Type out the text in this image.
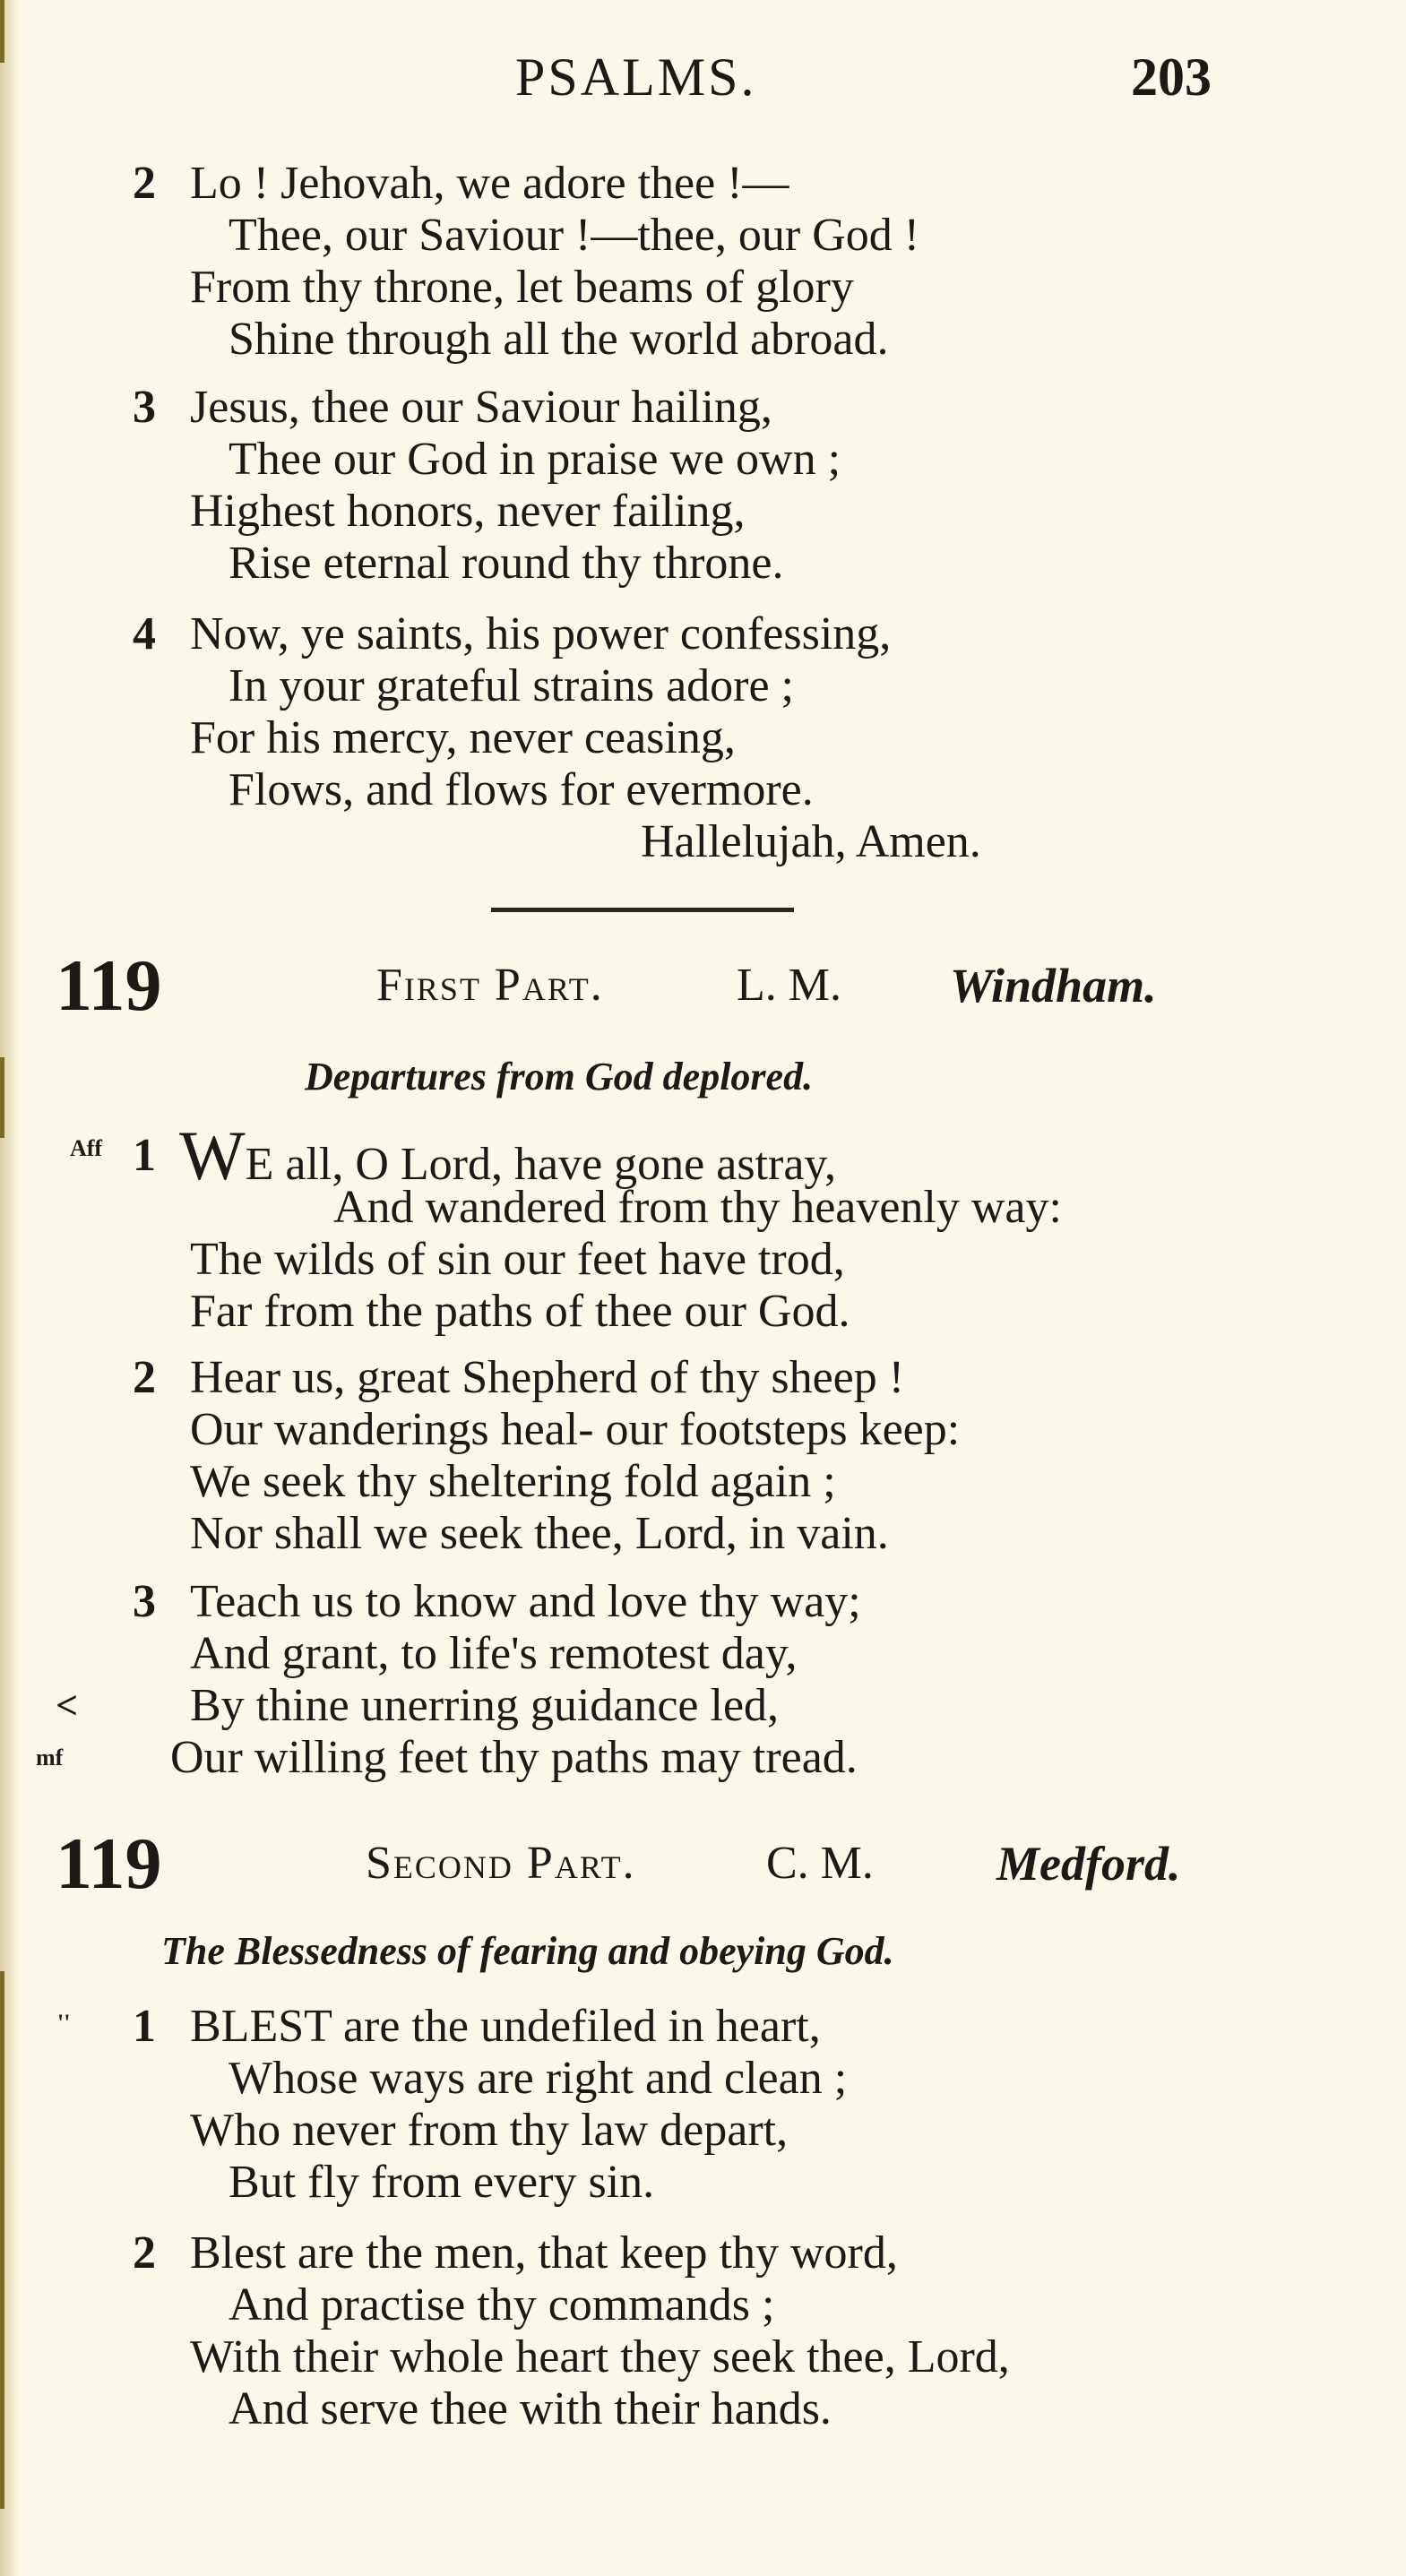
PSALMS.	203
2 Lo ! Jehovah, we adore thee !—
Thee, our Saviour !—thee, our God !
From thy throne, let beams of glory
Shine through all the world abroad.
3 Jesus, thee our Saviour hailing,
Thee our God in praise we own ;
Highest honors, never failing,
Rise eternal round thy throne.
4 Now, ye saints, his power confessing,
In your grateful strains adore ;
For his mercy, never ceasing,
Flows, and flows for evermore.
Hallelujah, Amen.
119	First Part.	L. M. Windham.
Departures from God deplored.
Aff 1 WE all, O Lord, have gone astray,
And wandered from thy heavenly way:
The wilds of sin our feet have trod,
Far from the paths of thee our God.
2 Hear us, great Shepherd of thy sheep !
Our wanderings heal- our footsteps keep:
We seek thy sheltering fold again ;
Nor shall we seek thee, Lord, in vain.
3 Teach us to know and love thy way;
And grant, to life's remotest day,
< By thine unerring guidance led,
mf Our willing feet thy paths may tread.
119	Second Part.	C. M.	Medford.
The Blessedness of fearing and obeying God.
'' 1 BLEST are the undefiled in heart,
Whose ways are right and clean ;
Who never from thy law depart,
But fly from every sin.
2 Blest are the men, that keep thy word,
And practise thy commands ;
With their whole heart they seek thee, Lord,
And serve thee with their hands.
